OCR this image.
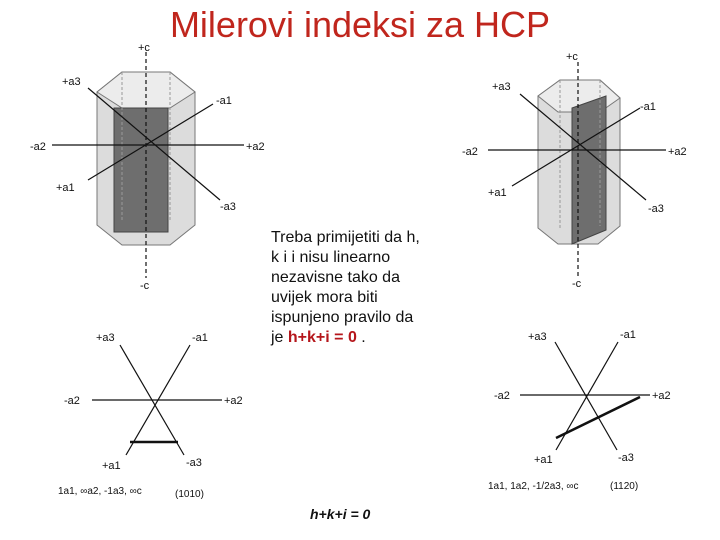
Milerovi indeksi za HCP
+c
-c
+a3
-a1
-a2	+a2
+a1
-a3
+c
-c
+a3
-a1
-a2	+a2
+a1
-a3
+a3	-a1
-a2	+a2
+a1	-a3
1a1, ∞a2, -1a3, ∞c	(1010)
+a3	-a1
-a2	+a2
+a1	-a3
1a1, 1a2, -1/2a3, ∞c	(1120)
Treba primijetiti da h,
k i i nisu linearno
nezavisne tako da
uvijek mora biti
ispunjeno pravilo da
je h+k+i = 0 .
h+k+i = 0
